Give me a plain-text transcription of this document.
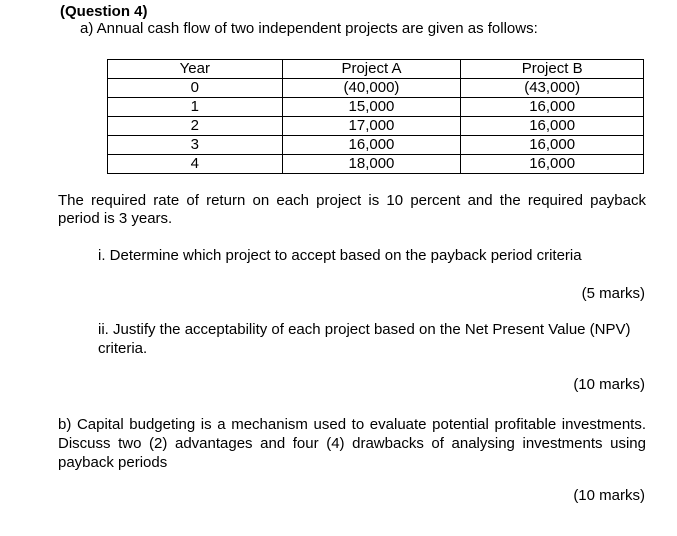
(Question 4)
a) Annual cash flow of two independent projects are given as follows:
Year	Project A	Project B
0	(40,000)	(43,000)
1	15,000	16,000
2	17,000	16,000
3	16,000	16,000
4	18,000	16,000
The required rate of return on each project is 10 percent and the required payback period is 3 years.
i. Determine which project to accept based on the payback period criteria
(5 marks)
ii. Justify the acceptability of each project based on the Net Present Value (NPV) criteria.
(10 marks)
b) Capital budgeting is a mechanism used to evaluate potential profitable investments. Discuss two (2) advantages and four (4) drawbacks of analysing investments using payback periods
(10 marks)
